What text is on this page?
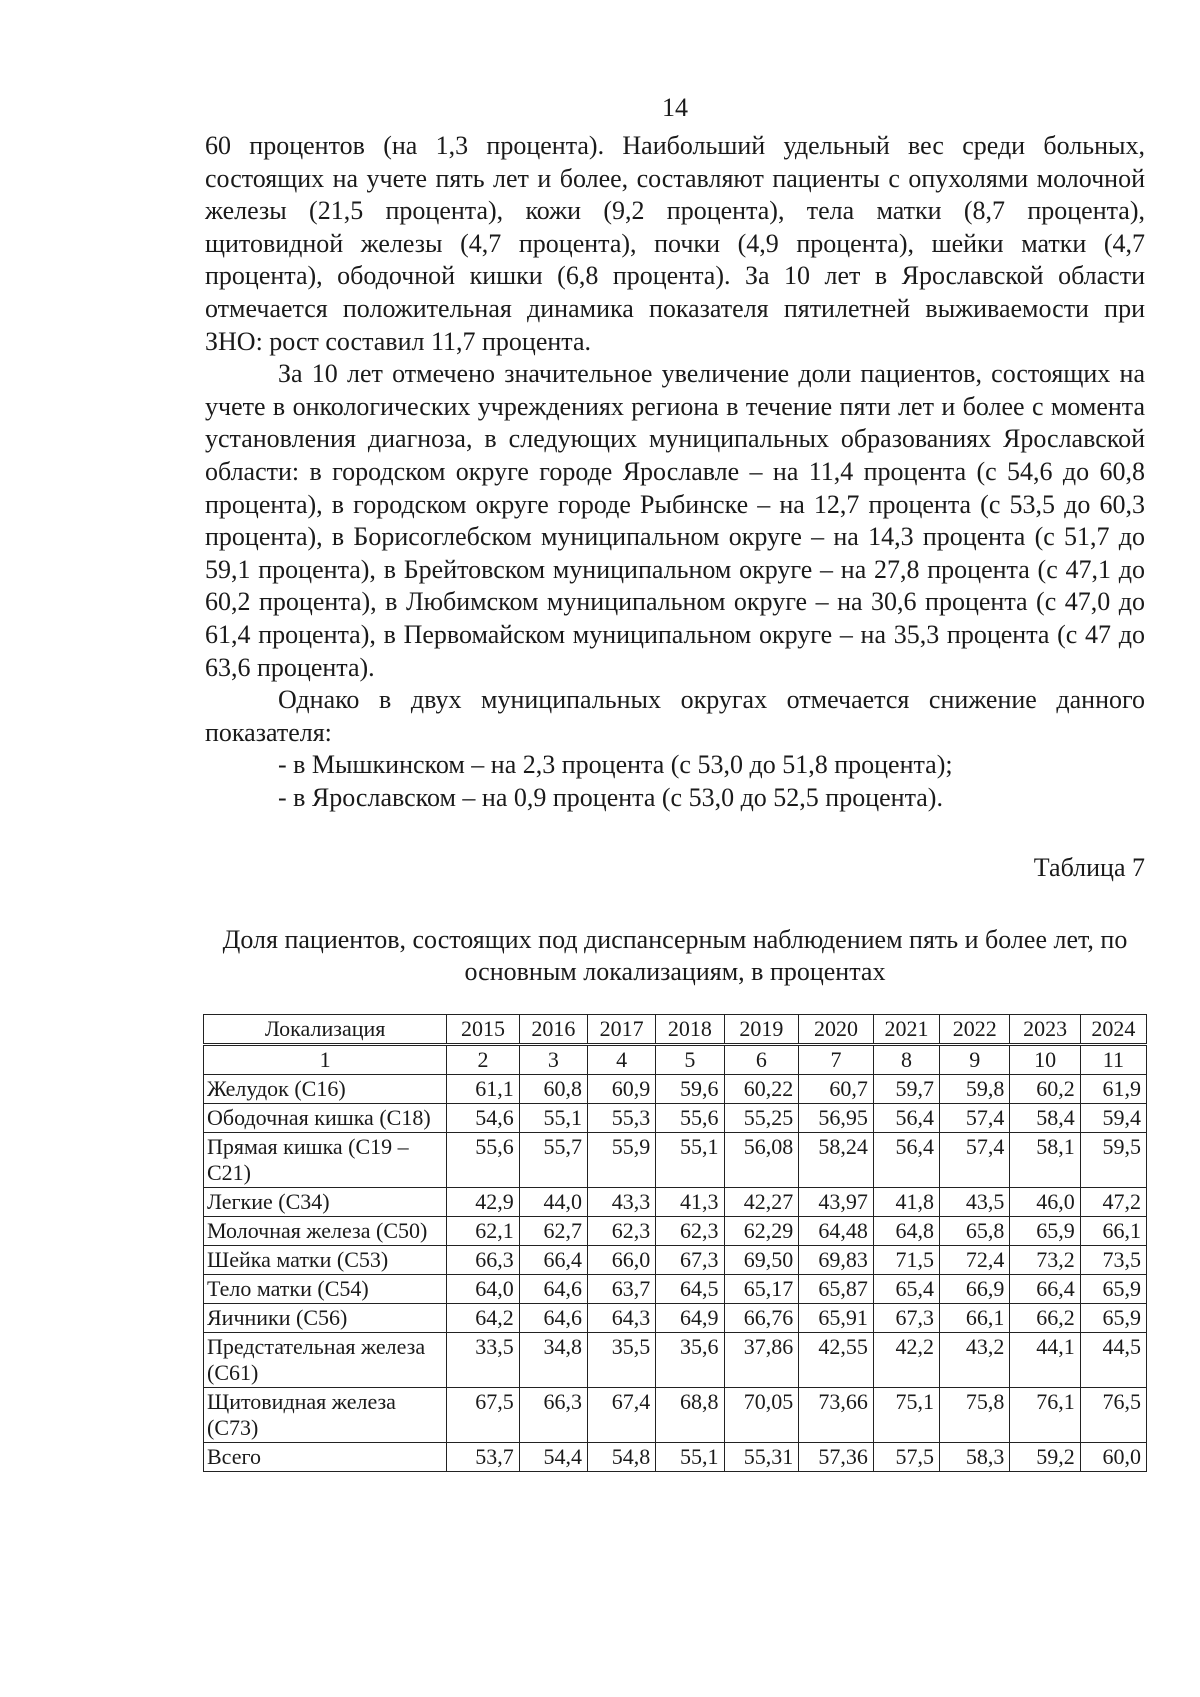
14

60 процентов (на 1,3 процента). Наибольший удельный вес среди больных, состоящих на учете пять лет и более, составляют пациенты с опухолями молочной железы (21,5 процента), кожи (9,2 процента), тела матки (8,7 процента), щитовидной железы (4,7 процента), почки (4,9 процента), шейки матки (4,7 процента), ободочной кишки (6,8 процента). За 10 лет в Ярославской области отмечается положительная динамика показателя пятилетней выживаемости при ЗНО: рост составил 11,7 процента.

За 10 лет отмечено значительное увеличение доли пациентов, состоящих на учете в онкологических учреждениях региона в течение пяти лет и более с момента установления диагноза, в следующих муниципальных образованиях Ярославской области: в городском округе городе Ярославле – на 11,4 процента (с 54,6 до 60,8 процента), в городском округе городе Рыбинске – на 12,7 процента (с 53,5 до 60,3 процента), в Борисоглебском муниципальном округе – на 14,3 процента (с 51,7 до 59,1 процента), в Брейтовском муниципальном округе – на 27,8 процента (с 47,1 до 60,2 процента), в Любимском муниципальном округе – на 30,6 процента (с 47,0 до 61,4 процента), в Первомайском муниципальном округе – на 35,3 процента (с 47 до 63,6 процента).

Однако в двух муниципальных округах отмечается снижение данного показателя:

- в Мышкинском – на 2,3 процента (с 53,0 до 51,8 процента);

- в Ярославском – на 0,9 процента (с 53,0 до 52,5 процента).

Таблица 7
Доля пациентов, состоящих под диспансерным наблюдением пять и более лет, по основным локализациям, в процентах
Локализация	2015	2016	2017	2018	2019	2020	2021	2022	2023	2024
1	2	3	4	5	6	7	8	9	10	11
Желудок (С16)	61,1	60,8	60,9	59,6	60,22	60,7	59,7	59,8	60,2	61,9
Ободочная кишка (С18)	54,6	55,1	55,3	55,6	55,25	56,95	56,4	57,4	58,4	59,4
Прямая кишка (С19 – С21)	55,6	55,7	55,9	55,1	56,08	58,24	56,4	57,4	58,1	59,5
Легкие (С34)	42,9	44,0	43,3	41,3	42,27	43,97	41,8	43,5	46,0	47,2
Молочная железа (С50)	62,1	62,7	62,3	62,3	62,29	64,48	64,8	65,8	65,9	66,1
Шейка матки (С53)	66,3	66,4	66,0	67,3	69,50	69,83	71,5	72,4	73,2	73,5
Тело матки (С54)	64,0	64,6	63,7	64,5	65,17	65,87	65,4	66,9	66,4	65,9
Яичники (С56)	64,2	64,6	64,3	64,9	66,76	65,91	67,3	66,1	66,2	65,9
Предстательная железа (С61)	33,5	34,8	35,5	35,6	37,86	42,55	42,2	43,2	44,1	44,5
Щитовидная железа (С73)	67,5	66,3	67,4	68,8	70,05	73,66	75,1	75,8	76,1	76,5
Всего	53,7	54,4	54,8	55,1	55,31	57,36	57,5	58,3	59,2	60,0
